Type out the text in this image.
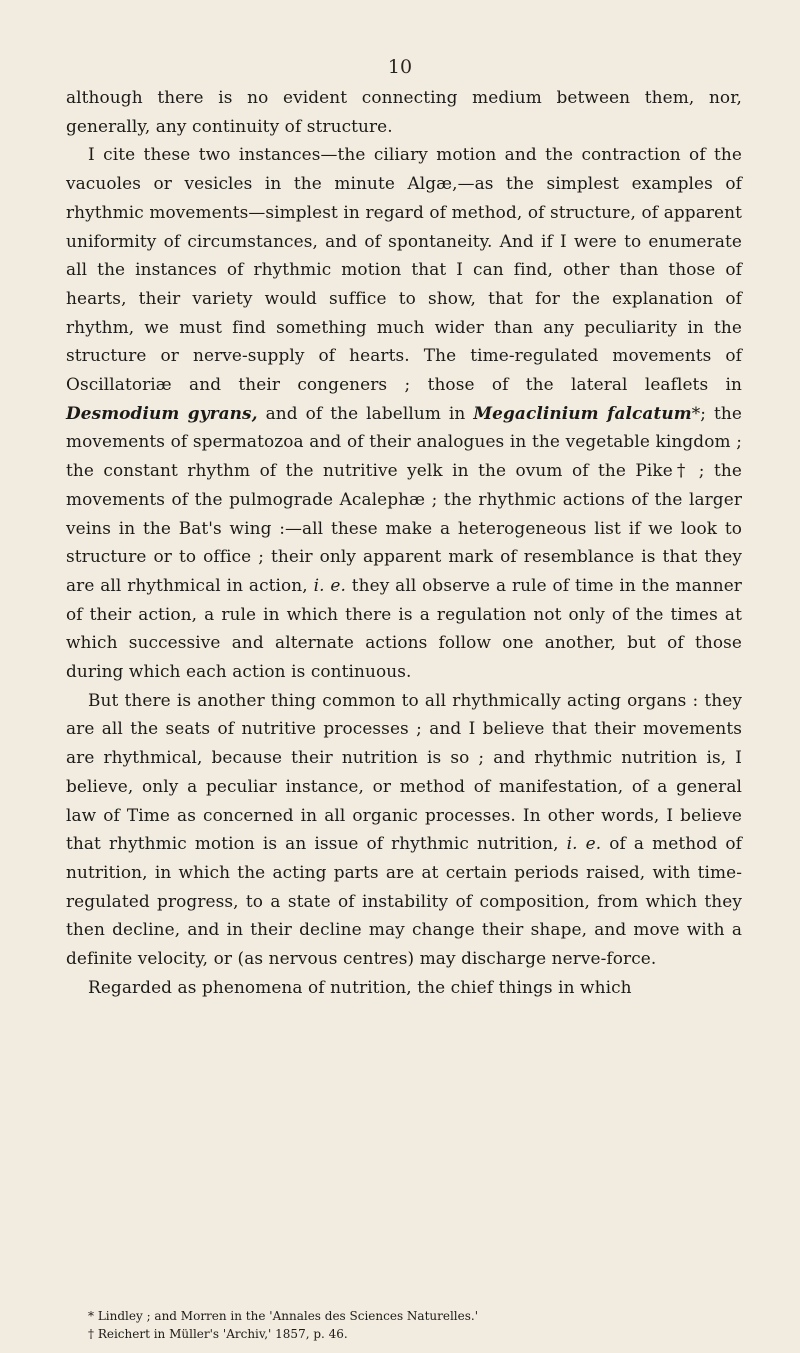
10

although there is no evident connecting medium between them, nor, generally, any continuity of structure.

I cite these two instances—the ciliary motion and the contraction of the vacuoles or vesicles in the minute Algæ,—as the simplest examples of rhythmic movements—simplest in regard of method, of structure, of apparent uniformity of circumstances, and of spontaneity. And if I were to enumerate all the instances of rhythmic motion that I can find, other than those of hearts, their variety would suffice to show, that for the explanation of rhythm, we must find something much wider than any peculiarity in the structure or nerve-supply of hearts. The time-regulated movements of Oscillatoriæ and their congeners ; those of the lateral leaflets in Desmodium gyrans, and of the labellum in Megaclinium falcatum*; the movements of spermatozoa and of their analogues in the vegetable kingdom ; the constant rhythm of the nutritive yelk in the ovum of the Pike† ; the movements of the pulmograde Acalephæ ; the rhythmic actions of the larger veins in the Bat's wing :—all these make a heterogeneous list if we look to structure or to office ; their only apparent mark of resemblance is that they are all rhythmical in action, i. e. they all observe a rule of time in the manner of their action, a rule in which there is a regulation not only of the times at which successive and alternate actions follow one another, but of those during which each action is continuous.

But there is another thing common to all rhythmically acting organs : they are all the seats of nutritive processes ; and I believe that their movements are rhythmical, because their nutrition is so ; and rhythmic nutrition is, I believe, only a peculiar instance, or method of manifestation, of a general law of Time as concerned in all organic processes. In other words, I believe that rhythmic motion is an issue of rhythmic nutrition, i. e. of a method of nutrition, in which the acting parts are at certain periods raised, with time-regulated progress, to a state of instability of composition, from which they then decline, and in their decline may change their shape, and move with a definite velocity, or (as nervous centres) may discharge nerve-force.

Regarded as phenomena of nutrition, the chief things in which

* Lindley ; and Morren in the 'Annales des Sciences Naturelles.'
† Reichert in Müller's 'Archiv,' 1857, p. 46.
